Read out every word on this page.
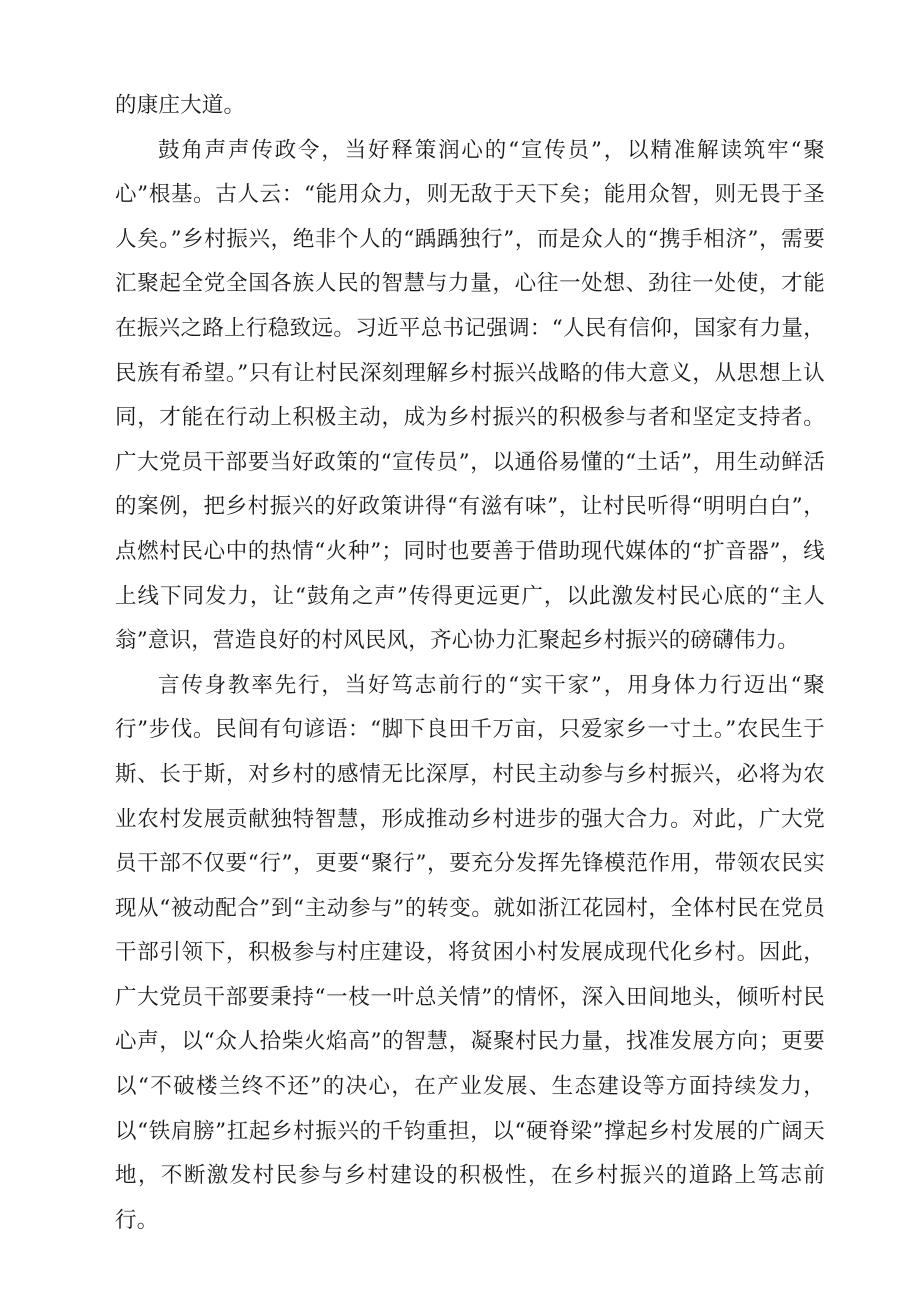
的康庄大道。

鼓角声声传政令，当好释策润心的“宣传员”，以精准解读筑牢“聚心”根基。古人云：“能用众力，则无敌于天下矣；能用众智，则无畏于圣人矣。”乡村振兴，绝非个人的“踽踽独行”，而是众人的“携手相济”，需要汇聚起全党全国各族人民的智慧与力量，心往一处想、劲往一处使，才能在振兴之路上行稳致远。习近平总书记强调：“人民有信仰，国家有力量，民族有希望。”只有让村民深刻理解乡村振兴战略的伟大意义，从思想上认同，才能在行动上积极主动，成为乡村振兴的积极参与者和坚定支持者。广大党员干部要当好政策的“宣传员”，以通俗易懂的“土话”，用生动鲜活的案例，把乡村振兴的好政策讲得“有滋有味”，让村民听得“明明白白”，点燃村民心中的热情“火种”；同时也要善于借助现代媒体的“扩音器”，线上线下同发力，让“鼓角之声”传得更远更广，以此激发村民心底的“主人翁”意识，营造良好的村风民风，齐心协力汇聚起乡村振兴的磅礴伟力。

言传身教率先行，当好笃志前行的“实干家”，用身体力行迈出“聚行”步伐。民间有句谚语：“脚下良田千万亩，只爱家乡一寸土。”农民生于斯、长于斯，对乡村的感情无比深厚，村民主动参与乡村振兴，必将为农业农村发展贡献独特智慧，形成推动乡村进步的强大合力。对此，广大党员干部不仅要“行”，更要“聚行”，要充分发挥先锋模范作用，带领农民实现从“被动配合”到“主动参与”的转变。就如浙江花园村，全体村民在党员干部引领下，积极参与村庄建设，将贫困小村发展成现代化乡村。因此，广大党员干部要秉持“一枝一叶总关情”的情怀，深入田间地头，倾听村民心声，以“众人拾柴火焰高”的智慧，凝聚村民力量，找准发展方向；更要以“不破楼兰终不还”的决心，在产业发展、生态建设等方面持续发力，以“铁肩膀”扛起乡村振兴的千钧重担，以“硬脊梁”撑起乡村发展的广阔天地，不断激发村民参与乡村建设的积极性，在乡村振兴的道路上笃志前行。
